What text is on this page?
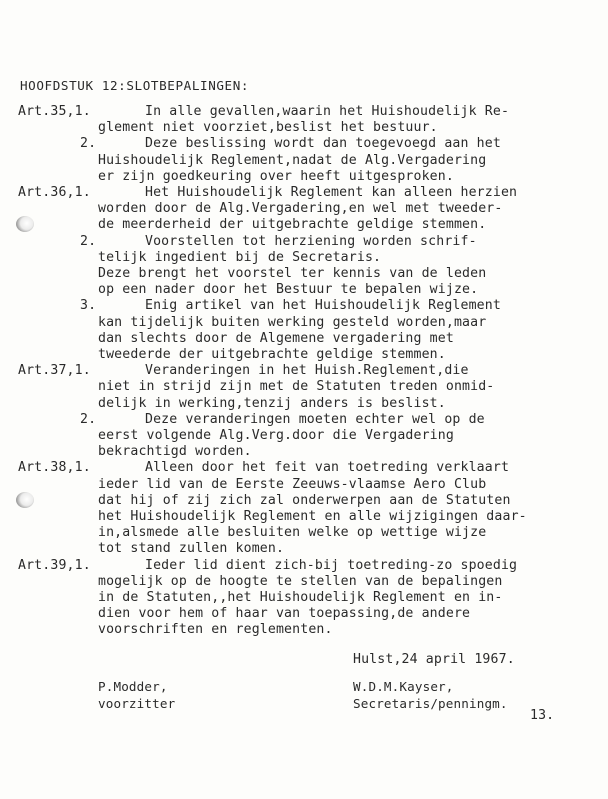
HOOFDSTUK 12:SLOTBEPALINGEN:
Art.35,1.	In alle gevallen,waarin het Huishoudelijk Re-
glement niet voorziet,beslist het bestuur.
2.	Deze beslissing wordt dan toegevoegd aan het
Huishoudelijk Reglement,nadat de Alg.Vergadering
er zijn goedkeuring over heeft uitgesproken.
Art.36,1.	Het Huishoudelijk Reglement kan alleen herzien
worden door de Alg.Vergadering,en wel met tweeder-
de meerderheid der uitgebrachte geldige stemmen.
2.	Voorstellen tot herziening worden schrif-
telijk ingedient bij de Secretaris.
Deze brengt het voorstel ter kennis van de leden
op een nader door het Bestuur te bepalen wijze.
3.	Enig artikel van het Huishoudelijk Reglement
kan tijdelijk buiten werking gesteld worden,maar
dan slechts door de Algemene vergadering met
tweederde der uitgebrachte geldige stemmen.
Art.37,1.	Veranderingen in het Huish.Reglement,die
niet in strijd zijn met de Statuten treden onmid-
delijk in werking,tenzij anders is beslist.
2.	Deze veranderingen moeten echter wel op de
eerst volgende Alg.Verg.door die Vergadering
bekrachtigd worden.
Art.38,1.	Alleen door het feit van toetreding verklaart
ieder lid van de Eerste Zeeuws-vlaamse Aero Club
dat hij of zij zich zal onderwerpen aan de Statuten
het Huishoudelijk Reglement en alle wijzigingen daar-
in,alsmede alle besluiten welke op wettige wijze
tot stand zullen komen.
Art.39,1.	Ieder lid dient zich-bij toetreding-zo spoedig
mogelijk op de hoogte te stellen van de bepalingen
in de Statuten,,het Huishoudelijk Reglement en in-
dien voor hem of haar van toepassing,de andere
voorschriften en reglementen.
Hulst,24 april 1967.
P.Modder,
voorzitter
W.D.M.Kayser,
Secretaris/penningm.
13.
